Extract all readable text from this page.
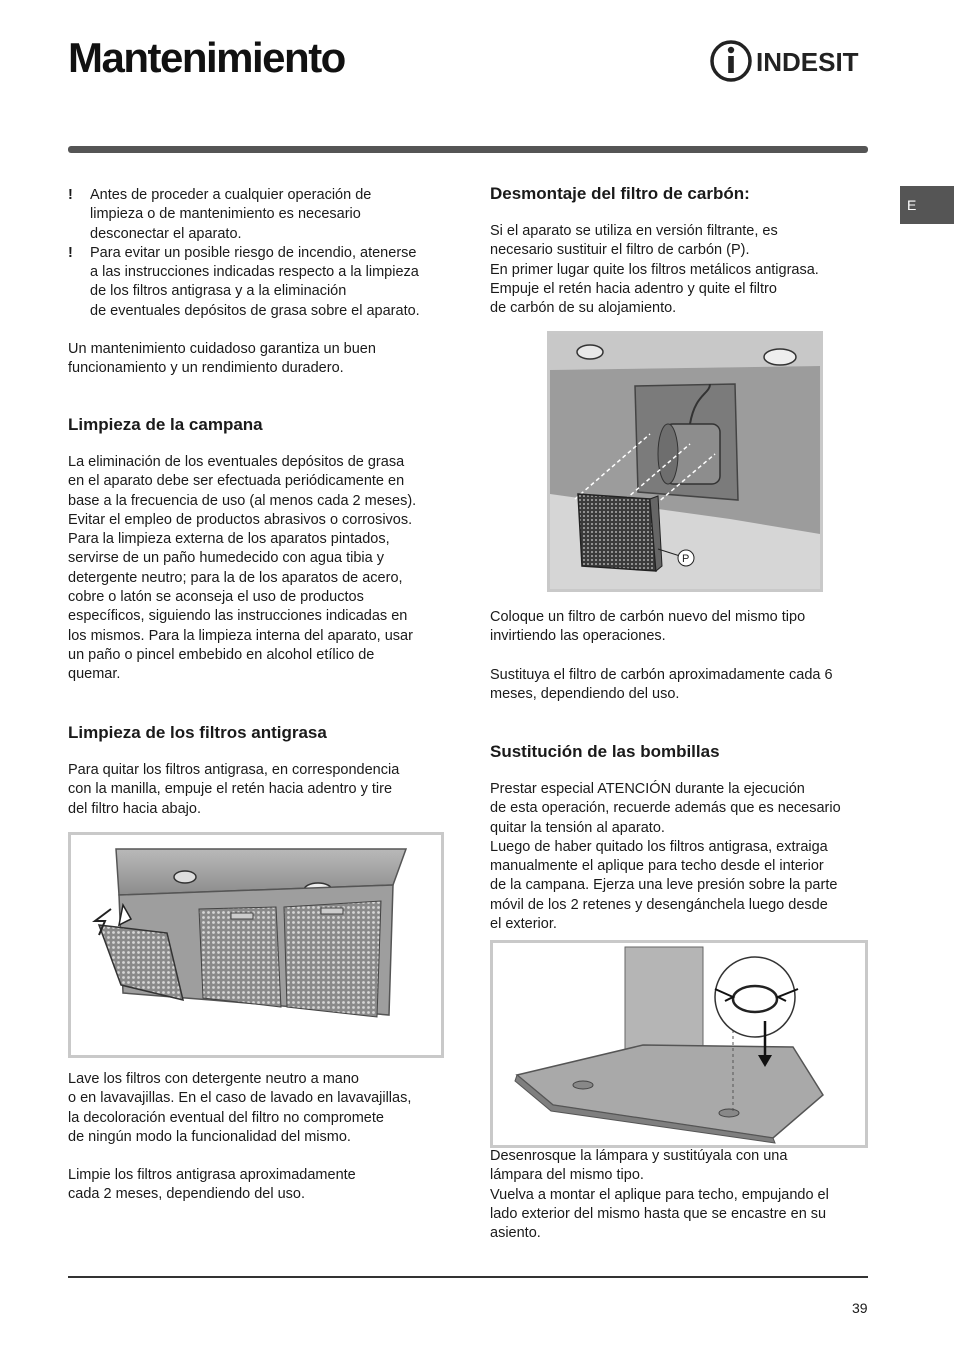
Mantenimiento	INDESIT
E
!	Antes de proceder a cualquier operación de

limpieza o de mantenimiento es necesario

desconectar el aparato.

!	Para evitar un posible riesgo de incendio, atenerse

a las instrucciones indicadas respecto a la limpieza

de los filtros antigrasa y a la eliminación

de eventuales depósitos de grasa sobre el aparato.

Un mantenimiento cuidadoso garantiza un buen

funcionamiento y un rendimiento duradero.

Limpieza de la campana

La eliminación de los eventuales depósitos de grasa

en el aparato debe ser efectuada periódicamente en

base a la frecuencia de uso (al menos cada 2 meses).

Evitar el empleo de productos abrasivos o corrosivos.

Para la limpieza externa de los aparatos pintados,

servirse de un paño humedecido con agua tibia y

detergente neutro; para la de los aparatos de acero,

cobre o latón se aconseja el uso de productos

específicos, siguiendo las instrucciones indicadas en

los mismos. Para la limpieza interna del aparato, usar

un paño o pincel embebido en alcohol etílico de

quemar.

Limpieza de los filtros antigrasa

Para quitar los filtros antigrasa, en correspondencia

con la manilla, empuje el retén hacia adentro y tire

del filtro hacia abajo.

Lave los filtros con detergente neutro a mano

o en lavavajillas. En el caso de lavado en lavavajillas,

la decoloración eventual del filtro no compromete

de ningún modo la funcionalidad del mismo.

Limpie los filtros antigrasa aproximadamente

cada 2 meses, dependiendo del uso.

Desmontaje del filtro de carbón:

Si el aparato se utiliza en versión filtrante, es

necesario sustituir el filtro de carbón (P).

En primer lugar quite los filtros metálicos antigrasa.

Empuje el retén hacia adentro y quite el filtro

de carbón de su alojamiento.

P

Coloque un filtro de carbón nuevo del mismo tipo

invirtiendo las operaciones.

Sustituya el filtro de carbón aproximadamente cada 6

meses, dependiendo del uso.

Sustitución de las bombillas

Prestar especial ATENCIÓN durante la ejecución

de esta operación, recuerde además que es necesario

quitar la tensión al aparato.

Luego de haber quitado los filtros antigrasa, extraiga

manualmente el aplique para techo desde el interior

de la campana. Ejerza una leve presión sobre la parte

móvil de los 2 retenes y desengánchela luego desde

el exterior.

Desenrosque la lámpara y sustitúyala con una

lámpara del mismo tipo.

Vuelva a montar el aplique para techo, empujando el

lado exterior del mismo hasta que se encastre en su

asiento.

39
